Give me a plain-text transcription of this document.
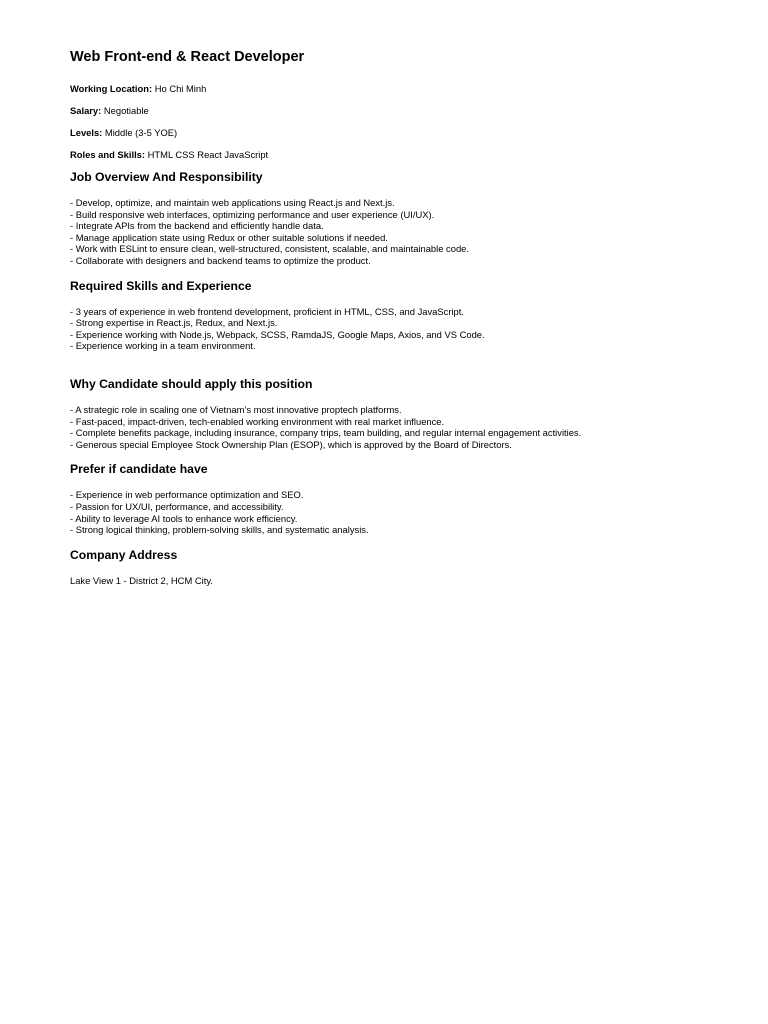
Web Front-end & React Developer
Working Location: Ho Chi Minh
Salary: Negotiable
Levels: Middle (3-5 YOE)
Roles and Skills: HTML CSS React JavaScript
Job Overview And Responsibility
- Develop, optimize, and maintain web applications using React.js and Next.js.
- Build responsive web interfaces, optimizing performance and user experience (UI/UX).
- Integrate APIs from the backend and efficiently handle data.
- Manage application state using Redux or other suitable solutions if needed.
- Work with ESLint to ensure clean, well-structured, consistent, scalable, and maintainable code.
- Collaborate with designers and backend teams to optimize the product.
Required Skills and Experience
- 3 years of experience in web frontend development, proficient in HTML, CSS, and JavaScript.
- Strong expertise in React.js, Redux, and Next.js.
- Experience working with Node.js, Webpack, SCSS, RamdaJS, Google Maps, Axios, and VS Code.
- Experience working in a team environment.
Why Candidate should apply this position
- A strategic role in scaling one of Vietnam’s most innovative proptech platforms.
- Fast-paced, impact-driven, tech-enabled working environment with real market influence.
- Complete benefits package, including insurance, company trips, team building, and regular internal engagement activities.
- Generous special Employee Stock Ownership Plan (ESOP), which is approved by the Board of Directors.
Prefer if candidate have
- Experience in web performance optimization and SEO.
- Passion for UX/UI, performance, and accessibility.
- Ability to leverage AI tools to enhance work efficiency.
- Strong logical thinking, problem-solving skills, and systematic analysis.
Company Address
Lake View 1 - District 2, HCM City.
